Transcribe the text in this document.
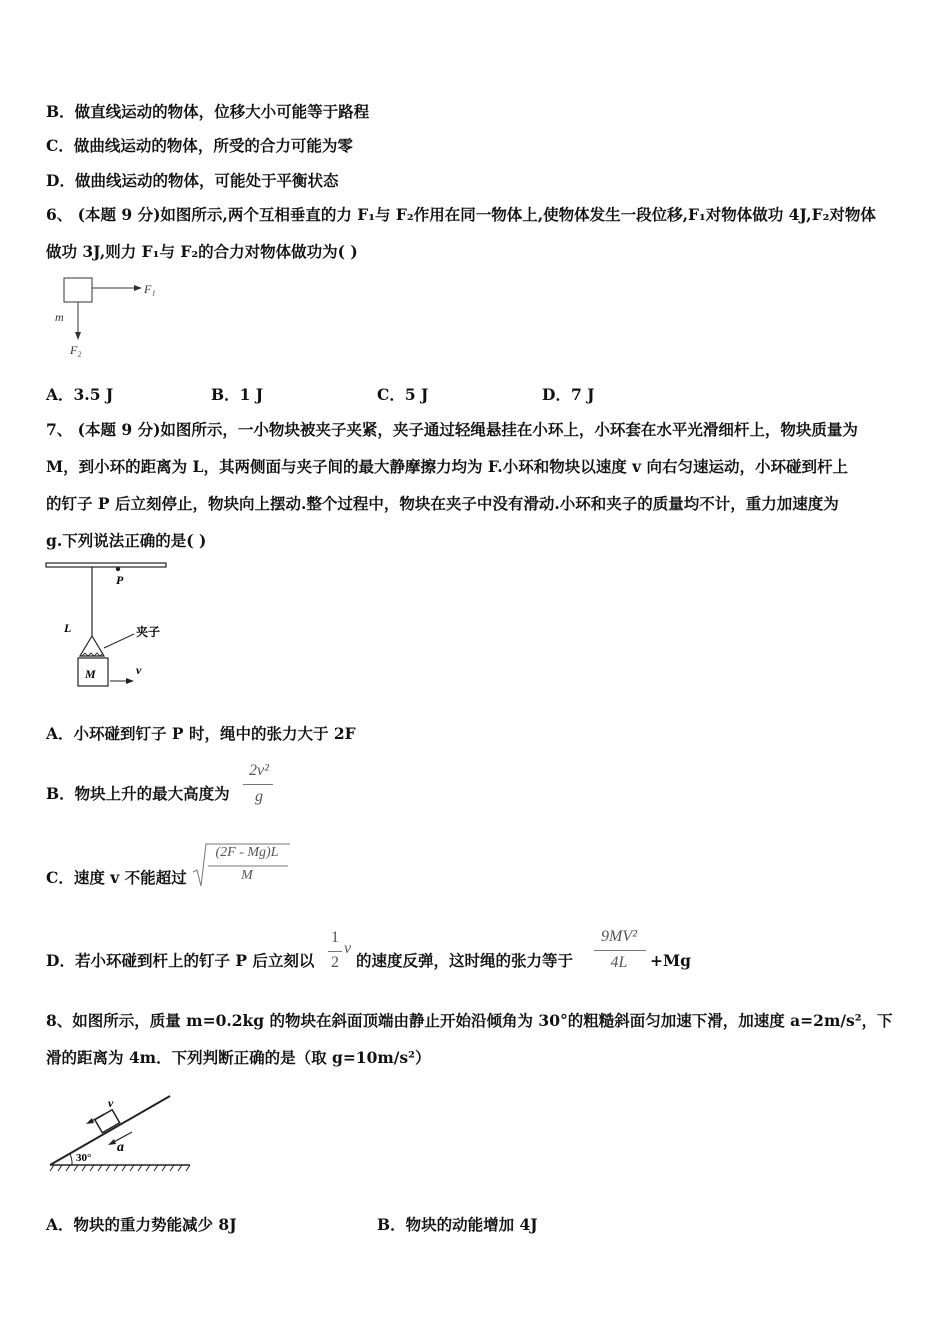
B．做直线运动的物体，位移大小可能等于路程
C．做曲线运动的物体，所受的合力可能为零
D．做曲线运动的物体，可能处于平衡状态
6、 (本题 9 分)如图所示,两个互相垂直的力 F₁与 F₂作用在同一物体上,使物体发生一段位移,F₁对物体做功 4J,F₂对物体
做功 3J,则力 F₁与 F₂的合力对物体做功为( )
F₁
m
F₂
A．3.5 J	B．1 J	C．5 J	D．7 J
7、 (本题 9 分)如图所示，一小物块被夹子夹紧，夹子通过轻绳悬挂在小环上，小环套在水平光滑细杆上，物块质量为
M，到小环的距离为 L，其两侧面与夹子间的最大静摩擦力均为 F.小环和物块以速度 v 向右匀速运动，小环碰到杆上
的钉子 P 后立刻停止，物块向上摆动.整个过程中，物块在夹子中没有滑动.小环和夹子的质量均不计，重力加速度为
g.下列说法正确的是( )
P
L	夹子
M	v
A．小环碰到钉子 P 时，绳中的张力大于 2F
B．物块上升的最大高度为
2v²
g
C．速度 v 不能超过
(2F - Mg)L
M
D．若小环碰到杆上的钉子 P 后立刻以
1
2
v
的速度反弹，这时绳的张力等于
9MV²
4L	+Mg
8、如图所示，质量 m=0.2kg 的物块在斜面顶端由静止开始沿倾角为 30°的粗糙斜面匀加速下滑，加速度 a=2m/s²，下
滑的距离为 4m．下列判断正确的是（取 g=10m/s²）
30°
v
a
A．物块的重力势能减少 8J	B．物块的动能增加 4J
